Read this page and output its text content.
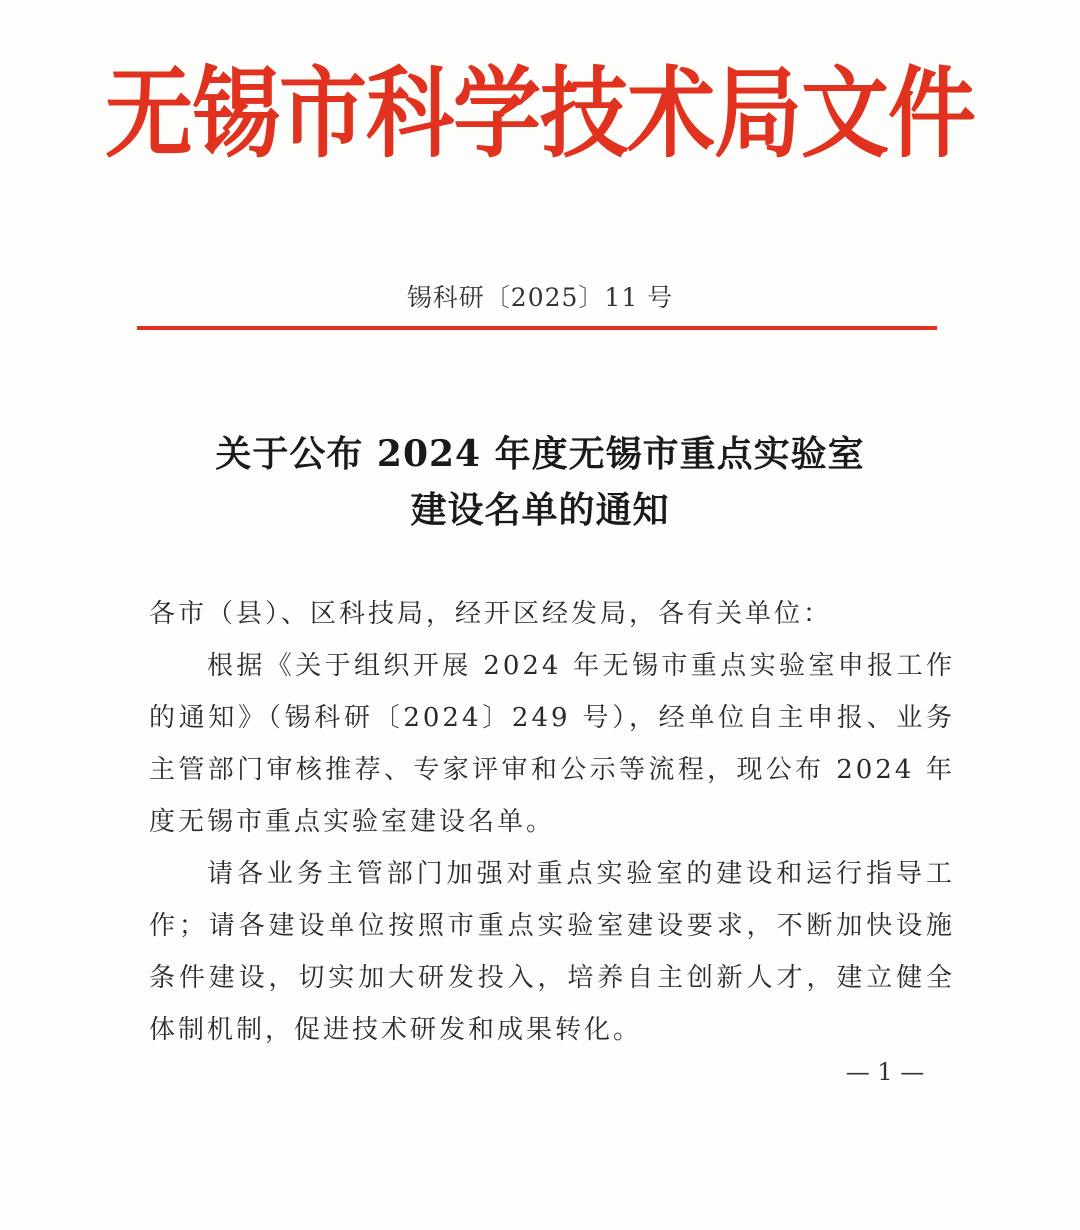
无锡市科学技术局文件
锡科研〔2025〕11 号
关于公布 2024 年度无锡市重点实验室
建设名单的通知

各市（县）、区科技局，经开区经发局，各有关单位：

根据《关于组织开展 2024 年无锡市重点实验室申报工作的通知》（锡科研〔2024〕249 号），经单位自主申报、业务主管部门审核推荐、专家评审和公示等流程，现公布 2024 年度无锡市重点实验室建设名单。

请各业务主管部门加强对重点实验室的建设和运行指导工作；请各建设单位按照市重点实验室建设要求，不断加快设施条件建设，切实加大研发投入，培养自主创新人才，建立健全体制机制，促进技术研发和成果转化。

— 1 —
